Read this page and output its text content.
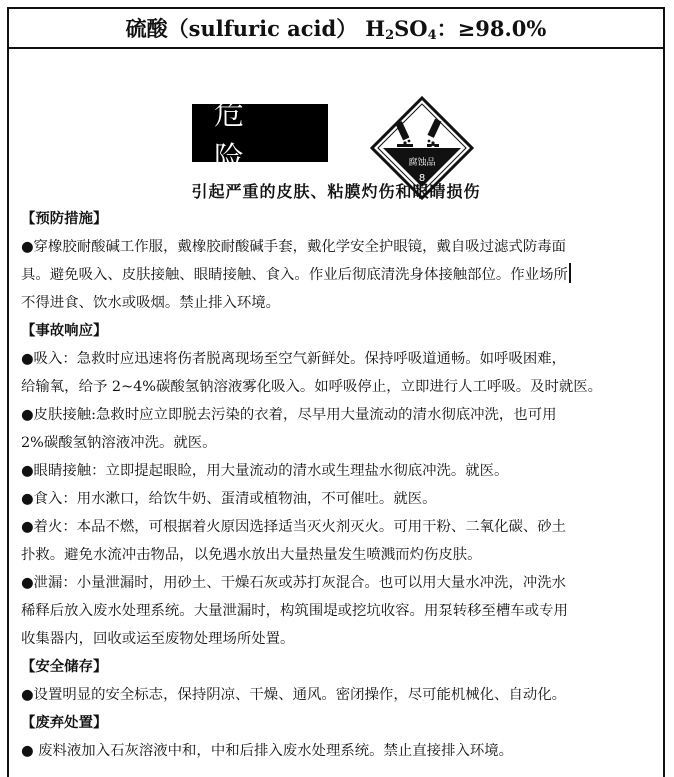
硫酸 （sulfuric acid） $H_2SO_4$：≥98.0%
危 险	腐蚀品
8
引起严重的皮肤、粘膜灼伤和眼睛损伤
【预防措施】
●穿橡胶耐酸碱工作服，戴橡胶耐酸碱手套，戴化学安全护眼镜，戴自吸过滤式防毒面
具。避免吸入、皮肤接触、眼睛接触、食入。作业后彻底清洗身体接触部位。作业场所
不得进食、饮水或吸烟。禁止排入环境。
【事故响应】
●吸入：急救时应迅速将伤者脱离现场至空气新鲜处。保持呼吸道通畅。如呼吸困难，
给输氧，给予 2~4%碳酸氢钠溶液雾化吸入。如呼吸停止，立即进行人工呼吸。及时就医。
●皮肤接触:急救时应立即脱去污染的衣着，尽早用大量流动的清水彻底冲洗，也可用
2%碳酸氢钠溶液冲洗。就医。
●眼睛接触：立即提起眼睑，用大量流动的清水或生理盐水彻底冲洗。就医。
●食入：用水漱口，给饮牛奶、蛋清或植物油，不可催吐。就医。
●着火：本品不燃，可根据着火原因选择适当灭火剂灭火。可用干粉、二氧化碳、砂土
扑救。避免水流冲击物品，以免遇水放出大量热量发生喷溅而灼伤皮肤。
●泄漏：小量泄漏时，用砂土、干燥石灰或苏打灰混合。也可以用大量水冲洗，冲洗水
稀释后放入废水处理系统。大量泄漏时，构筑围堤或挖坑收容。用泵转移至槽车或专用
收集器内，回收或运至废物处理场所处置。
【安全储存】
●设置明显的安全标志，保持阴凉、干燥、通风。密闭操作，尽可能机械化、自动化。
【废弃处置】
● 废料液加入石灰溶液中和，中和后排入废水处理系统。禁止直接排入环境。
